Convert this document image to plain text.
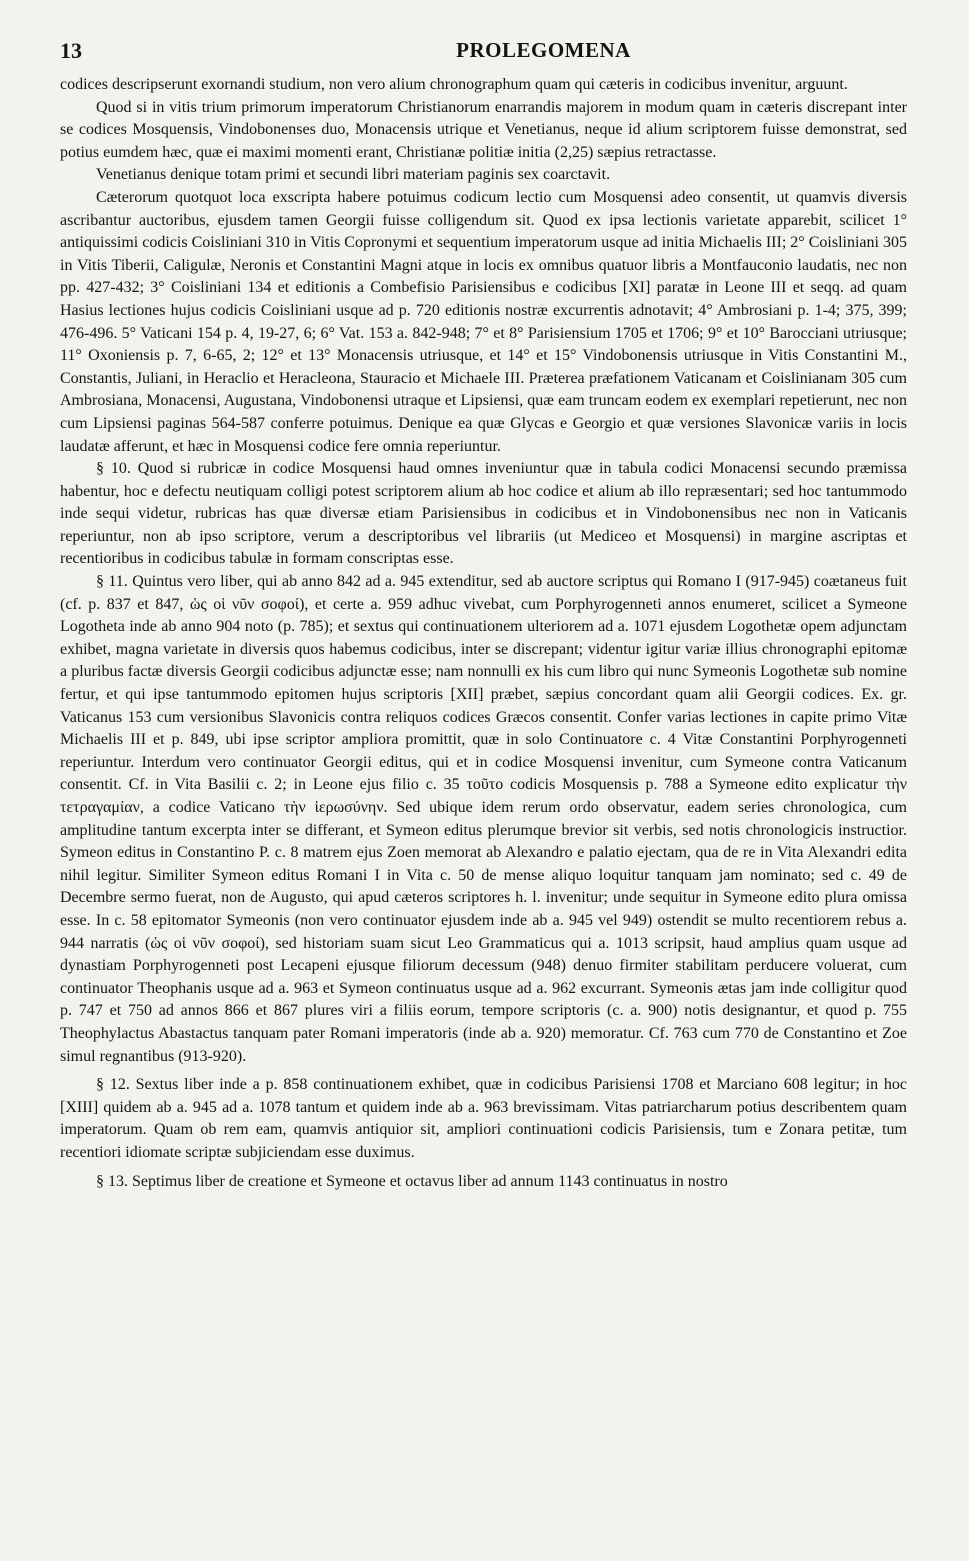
13	PROLEGOMENA

codices descripserunt exornandi studium, non vero alium chronographum quam qui cæteris in codicibus invenitur, arguunt.

Quod si in vitis trium primorum imperatorum Christianorum enarrandis majorem in modum quam in cæteris discrepant inter se codices Mosquensis, Vindobonenses duo, Monacensis utrique et Venetianus, neque id alium scriptorem fuisse demonstrat, sed potius eumdem hæc, quæ ei maximi momenti erant, Christianæ politiæ initia (2,25) sæpius retractasse.

Venetianus denique totam primi et secundi libri materiam paginis sex coarctavit.

Cæterorum quotquot loca exscripta habere potuimus codicum lectio cum Mosquensi adeo consentit, ut quamvis diversis ascribantur auctoribus, ejusdem tamen Georgii fuisse colligendum sit. Quod ex ipsa lectionis varietate apparebit, scilicet 1° antiquissimi codicis Coisliniani 310 in Vitis Copronymi et sequentium imperatorum usque ad initia Michaelis III; 2° Coisliniani 305 in Vitis Tiberii, Caligulæ, Neronis et Constantini Magni atque in locis ex omnibus quatuor libris a Montfauconio laudatis, nec non pp. 427-432; 3° Coisliniani 134 et editionis a Combefisio Parisiensibus e codicibus [XI] paratæ in Leone III et seqq. ad quam Hasius lectiones hujus codicis Coisliniani usque ad p. 720 editionis nostræ excurrentis adnotavit; 4° Ambrosiani p. 1-4; 375, 399; 476-496. 5° Vaticani 154 p. 4, 19-27, 6; 6° Vat. 153 a. 842-948; 7° et 8° Parisiensium 1705 et 1706; 9° et 10° Barocciani utriusque; 11° Oxoniensis p. 7, 6-65, 2; 12° et 13° Monacensis utriusque, et 14° et 15° Vindobonensis utriusque in Vitis Constantini M., Constantis, Juliani, in Heraclio et Heracleona, Stauracio et Michaele III. Præterea præfationem Vaticanam et Coislinianam 305 cum Ambrosiana, Monacensi, Augustana, Vindobonensi utraque et Lipsiensi, quæ eam truncam eodem ex exemplari repetierunt, nec non cum Lipsiensi paginas 564-587 conferre potuimus. Denique ea quæ Glycas e Georgio et quæ versiones Slavonicæ variis in locis laudatæ afferunt, et hæc in Mosquensi codice fere omnia reperiuntur.

§ 10. Quod si rubricæ in codice Mosquensi haud omnes inveniuntur quæ in tabula codici Monacensi secundo præmissa habentur, hoc e defectu neutiquam colligi potest scriptorem alium ab hoc codice et alium ab illo repræsentari; sed hoc tantummodo inde sequi videtur, rubricas has quæ diversæ etiam Parisiensibus in codicibus et in Vindobonensibus nec non in Vaticanis reperiuntur, non ab ipso scriptore, verum a descriptoribus vel librariis (ut Mediceo et Mosquensi) in margine ascriptas et recentioribus in codicibus tabulæ in formam conscriptas esse.

§ 11. Quintus vero liber, qui ab anno 842 ad a. 945 extenditur, sed ab auctore scriptus qui Romano I (917-945) coætaneus fuit (cf. p. 837 et 847, ὡς οἱ νῦν σοφοί), et certe a. 959 adhuc vivebat, cum Porphyrogenneti annos enumeret, scilicet a Symeone Logotheta inde ab anno 904 noto (p. 785); et sextus qui continuationem ulteriorem ad a. 1071 ejusdem Logothetæ opem adjunctam exhibet, magna varietate in diversis quos habemus codicibus, inter se discrepant; videntur igitur variæ illius chronographi epitomæ a pluribus factæ diversis Georgii codicibus adjunctæ esse; nam nonnulli ex his cum libro qui nunc Symeonis Logothetæ sub nomine fertur, et qui ipse tantummodo epitomen hujus scriptoris [XII] præbet, sæpius concordant quam alii Georgii codices. Ex. gr. Vaticanus 153 cum versionibus Slavonicis contra reliquos codices Græcos consentit. Confer varias lectiones in capite primo Vitæ Michaelis III et p. 849, ubi ipse scriptor ampliora promittit, quæ in solo Continuatore c. 4 Vitæ Constantini Porphyrogenneti reperiuntur. Interdum vero continuator Georgii editus, qui et in codice Mosquensi invenitur, cum Symeone contra Vaticanum consentit. Cf. in Vita Basilii c. 2; in Leone ejus filio c. 35 τοῦτο codicis Mosquensis p. 788 a Symeone edito explicatur τὴν τετραγαμίαν, a codice Vaticano τὴν ἱερωσύνην. Sed ubique idem rerum ordo observatur, eadem series chronologica, cum amplitudine tantum excerpta inter se differant, et Symeon editus plerumque brevior sit verbis, sed notis chronologicis instructior. Symeon editus in Constantino P. c. 8 matrem ejus Zoen memorat ab Alexandro e palatio ejectam, qua de re in Vita Alexandri edita nihil legitur. Similiter Symeon editus Romani I in Vita c. 50 de mense aliquo loquitur tanquam jam nominato; sed c. 49 de Decembre sermo fuerat, non de Augusto, qui apud cæteros scriptores h. l. invenitur; unde sequitur in Symeone edito plura omissa esse. In c. 58 epitomator Symeonis (non vero continuator ejusdem inde ab a. 945 vel 949) ostendit se multo recentiorem rebus a. 944 narratis (ὡς οἱ νῦν σοφοί), sed historiam suam sicut Leo Grammaticus qui a. 1013 scripsit, haud amplius quam usque ad dynastiam Porphyrogenneti post Lecapeni ejusque filiorum decessum (948) denuo firmiter stabilitam perducere voluerat, cum continuator Theophanis usque ad a. 963 et Symeon continuatus usque ad a. 962 excurrant. Symeonis ætas jam inde colligitur quod p. 747 et 750 ad annos 866 et 867 plures viri a filiis eorum, tempore scriptoris (c. a. 900) notis designantur, et quod p. 755 Theophylactus Abastactus tanquam pater Romani imperatoris (inde ab a. 920) memoratur. Cf. 763 cum 770 de Constantino et Zoe simul regnantibus (913-920).

§ 12. Sextus liber inde a p. 858 continuationem exhibet, quæ in codicibus Parisiensi 1708 et Marciano 608 legitur; in hoc [XIII] quidem ab a. 945 ad a. 1078 tantum et quidem inde ab a. 963 brevissimam. Vitas patriarcharum potius describentem quam imperatorum. Quam ob rem eam, quamvis antiquior sit, ampliori continuationi codicis Parisiensis, tum e Zonara petitæ, tum recentiori idiomate scriptæ subjiciendam esse duximus.

§ 13. Septimus liber de creatione et Symeone et octavus liber ad annum 1143 continuatus in nostro
